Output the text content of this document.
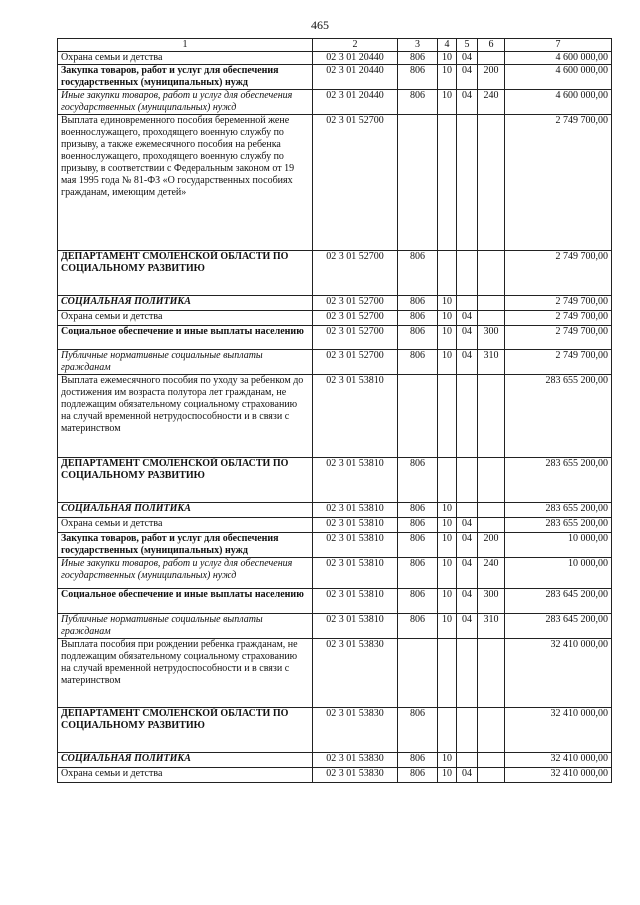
465
1	2	3	4	5	6	7
Охрана семьи и детства	02 3 01 20440	806	10	04		4 600 000,00
Закупка товаров, работ и услуг для обеспечения государственных (муниципальных) нужд	02 3 01 20440	806	10	04	200	4 600 000,00
Иные закупки товаров, работ и услуг для обеспечения государственных (муниципальных) нужд	02 3 01 20440	806	10	04	240	4 600 000,00
Выплата единовременного пособия беременной жене военнослужащего, проходящего военную службу по призыву, а также ежемесячного пособия на ребенка военнослужащего, проходящего военную службу по призыву, в соответствии с Федеральным законом от 19 мая 1995 года № 81-ФЗ «О государственных пособиях гражданам, имеющим детей»	02 3 01 52700					2 749 700,00
ДЕПАРТАМЕНТ СМОЛЕНСКОЙ ОБЛАСТИ ПО СОЦИАЛЬНОМУ РАЗВИТИЮ	02 3 01 52700	806				2 749 700,00
СОЦИАЛЬНАЯ ПОЛИТИКА	02 3 01 52700	806	10			2 749 700,00
Охрана семьи и детства	02 3 01 52700	806	10	04		2 749 700,00
Социальное обеспечение и иные выплаты населению	02 3 01 52700	806	10	04	300	2 749 700,00
Публичные нормативные социальные выплаты гражданам	02 3 01 52700	806	10	04	310	2 749 700,00
Выплата ежемесячного пособия по уходу за ребенком до достижения им возраста полутора лет гражданам, не подлежащим обязательному социальному страхованию на случай временной нетрудоспособности и в связи с материнством	02 3 01 53810					283 655 200,00
ДЕПАРТАМЕНТ СМОЛЕНСКОЙ ОБЛАСТИ ПО СОЦИАЛЬНОМУ РАЗВИТИЮ	02 3 01 53810	806				283 655 200,00
СОЦИАЛЬНАЯ ПОЛИТИКА	02 3 01 53810	806	10			283 655 200,00
Охрана семьи и детства	02 3 01 53810	806	10	04		283 655 200,00
Закупка товаров, работ и услуг для обеспечения государственных (муниципальных) нужд	02 3 01 53810	806	10	04	200	10 000,00
Иные закупки товаров, работ и услуг для обеспечения государственных (муниципальных) нужд	02 3 01 53810	806	10	04	240	10 000,00
Социальное обеспечение и иные выплаты населению	02 3 01 53810	806	10	04	300	283 645 200,00
Публичные нормативные социальные выплаты гражданам	02 3 01 53810	806	10	04	310	283 645 200,00
Выплата пособия при рождении ребенка гражданам, не подлежащим обязательному социальному страхованию на случай временной нетрудоспособности и в связи с материнством	02 3 01 53830					32 410 000,00
ДЕПАРТАМЕНТ СМОЛЕНСКОЙ ОБЛАСТИ ПО СОЦИАЛЬНОМУ РАЗВИТИЮ	02 3 01 53830	806				32 410 000,00
СОЦИАЛЬНАЯ ПОЛИТИКА	02 3 01 53830	806	10			32 410 000,00
Охрана семьи и детства	02 3 01 53830	806	10	04		32 410 000,00
